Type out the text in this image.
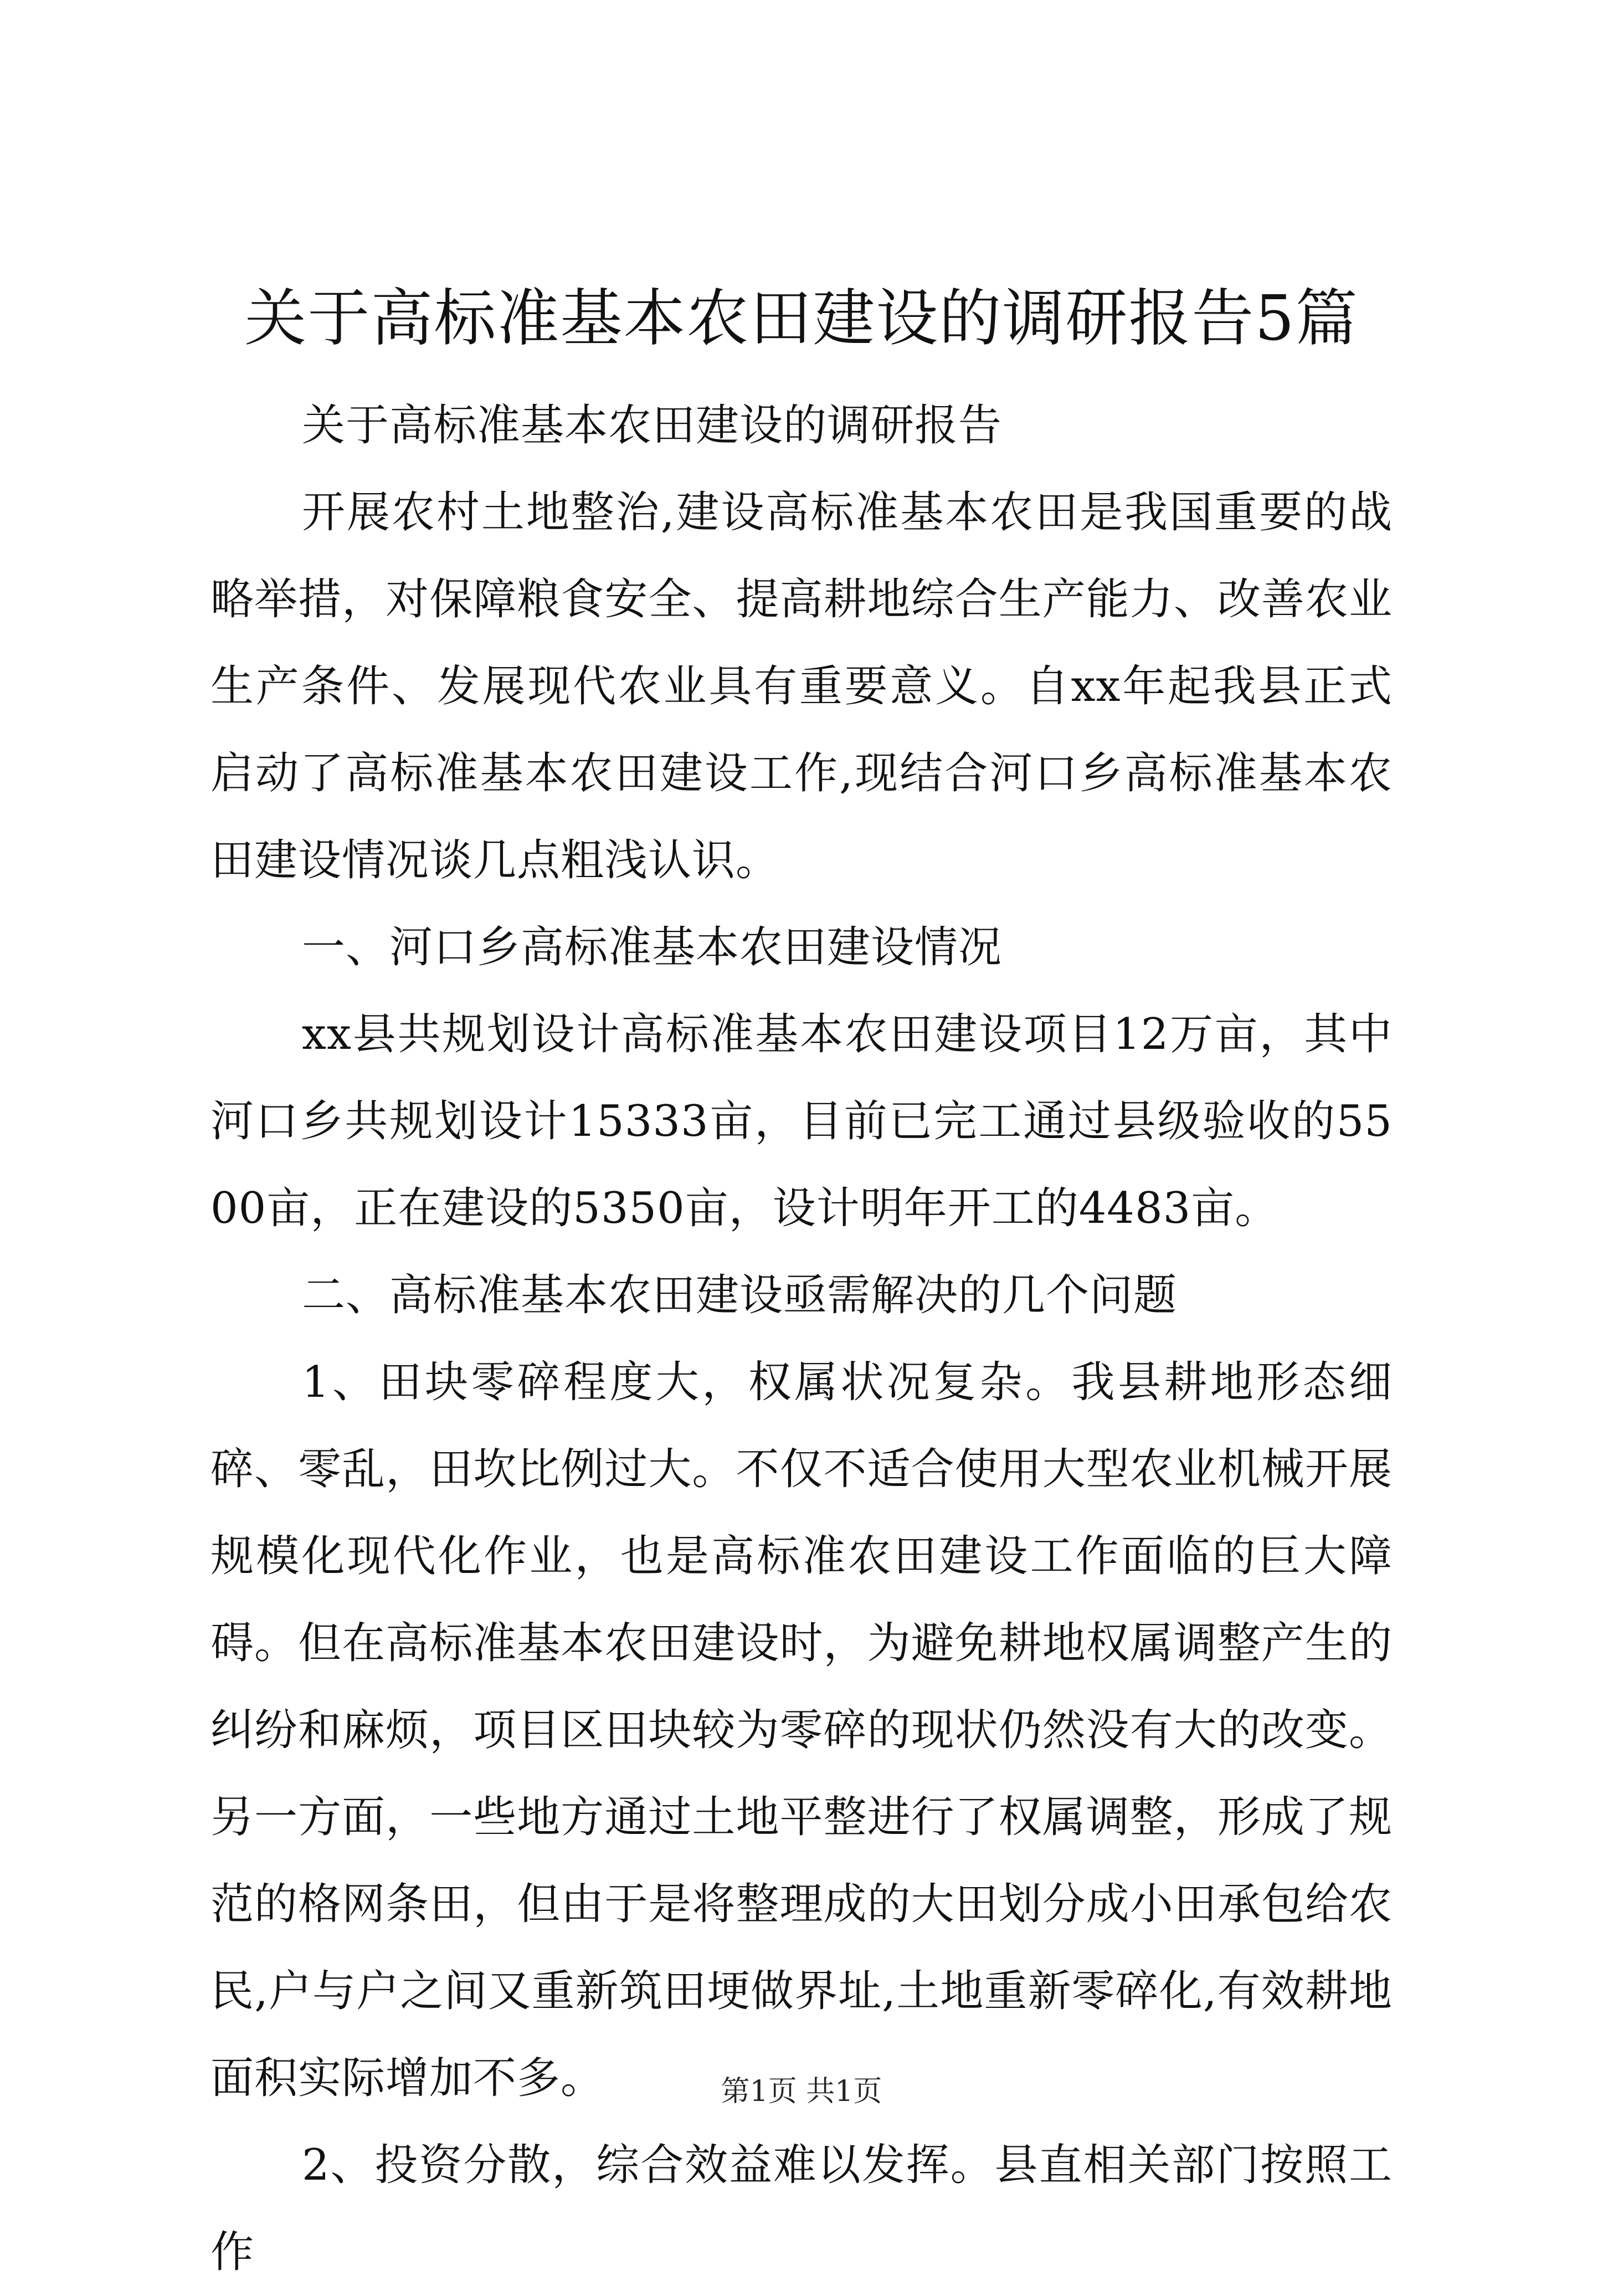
关于高标准基本农田建设的调研报告5篇

关于高标准基本农田建设的调研报告

开展农村土地整治,建设高标准基本农田是我国重要的战略举措，对保障粮食安全、提高耕地综合生产能力、改善农业生产条件、发展现代农业具有重要意义。自xx年起我县正式启动了高标准基本农田建设工作,现结合河口乡高标准基本农田建设情况谈几点粗浅认识。

一、河口乡高标准基本农田建设情况

xx县共规划设计高标准基本农田建设项目12万亩，其中河口乡共规划设计15333亩，目前已完工通过县级验收的5500亩，正在建设的5350亩，设计明年开工的4483亩。

二、高标准基本农田建设亟需解决的几个问题

1、田块零碎程度大，权属状况复杂。我县耕地形态细碎、零乱，田坎比例过大。不仅不适合使用大型农业机械开展规模化现代化作业，也是高标准农田建设工作面临的巨大障碍。但在高标准基本农田建设时，为避免耕地权属调整产生的纠纷和麻烦，项目区田块较为零碎的现状仍然没有大的改变。另一方面，一些地方通过土地平整进行了权属调整，形成了规范的格网条田，但由于是将整理成的大田划分成小田承包给农民,户与户之间又重新筑田埂做界址,土地重新零碎化,有效耕地面积实际增加不多。

2、投资分散，综合效益难以发挥。县直相关部门按照工作

第1页 共1页
